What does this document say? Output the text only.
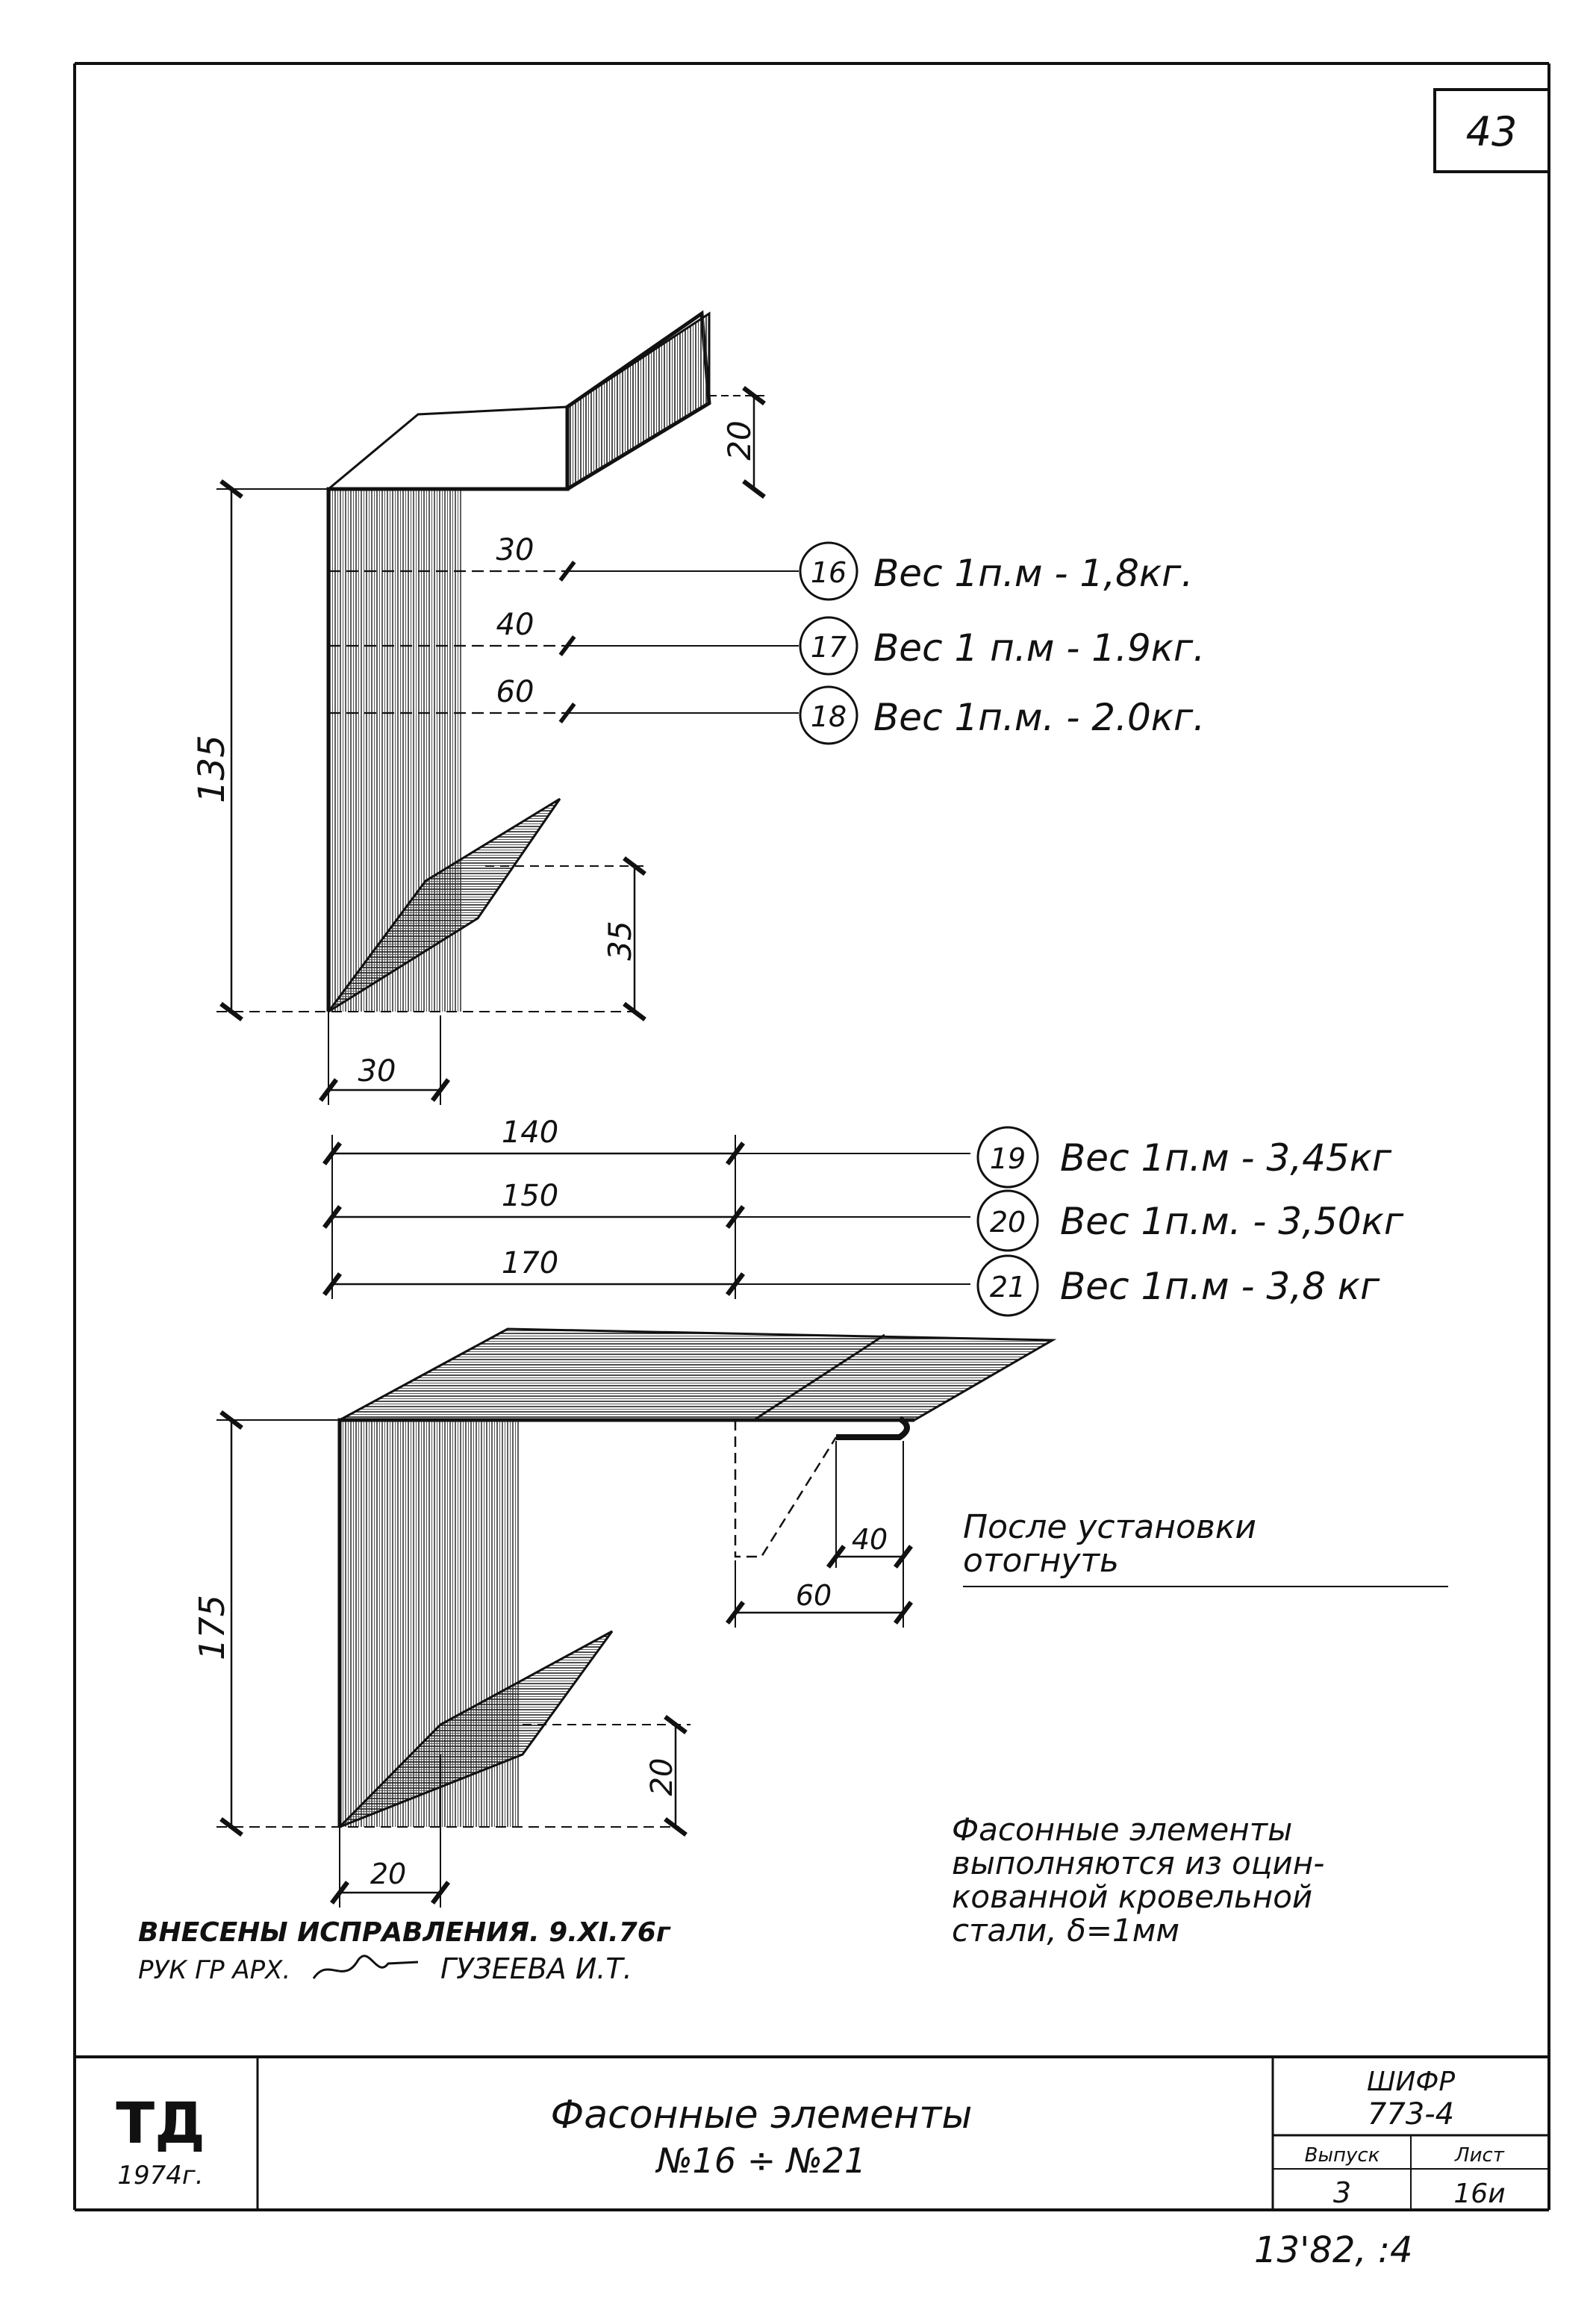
43
135
20
30
40
60
35
30
16 Вес 1п.м - 1,8кг.
17 Вес 1 п.м - 1.9кг.
18 Вес 1п.м. - 2.0кг.
140
150
170
175
40
60
20
20
19 Вес 1п.м - 3,45кг
20 Вес 1п.м. - 3,50кг
21 Вес 1п.м - 3,8 кг
После установки
отогнуть
Фасонные элементы
выполняются из оцин-
кованной кровельной
стали, δ=1мм
ВНЕСЕНЫ ИСПРАВЛЕНИЯ. 9.XI.76г
РУК ГР АРХ.	ГУЗЕЕВА И.Т.
ТД
1974г.
Фасонные элементы
№16 ÷ №21
ШИФР
773-4
Выпуск	Лист
3	16и
13'82, :4
